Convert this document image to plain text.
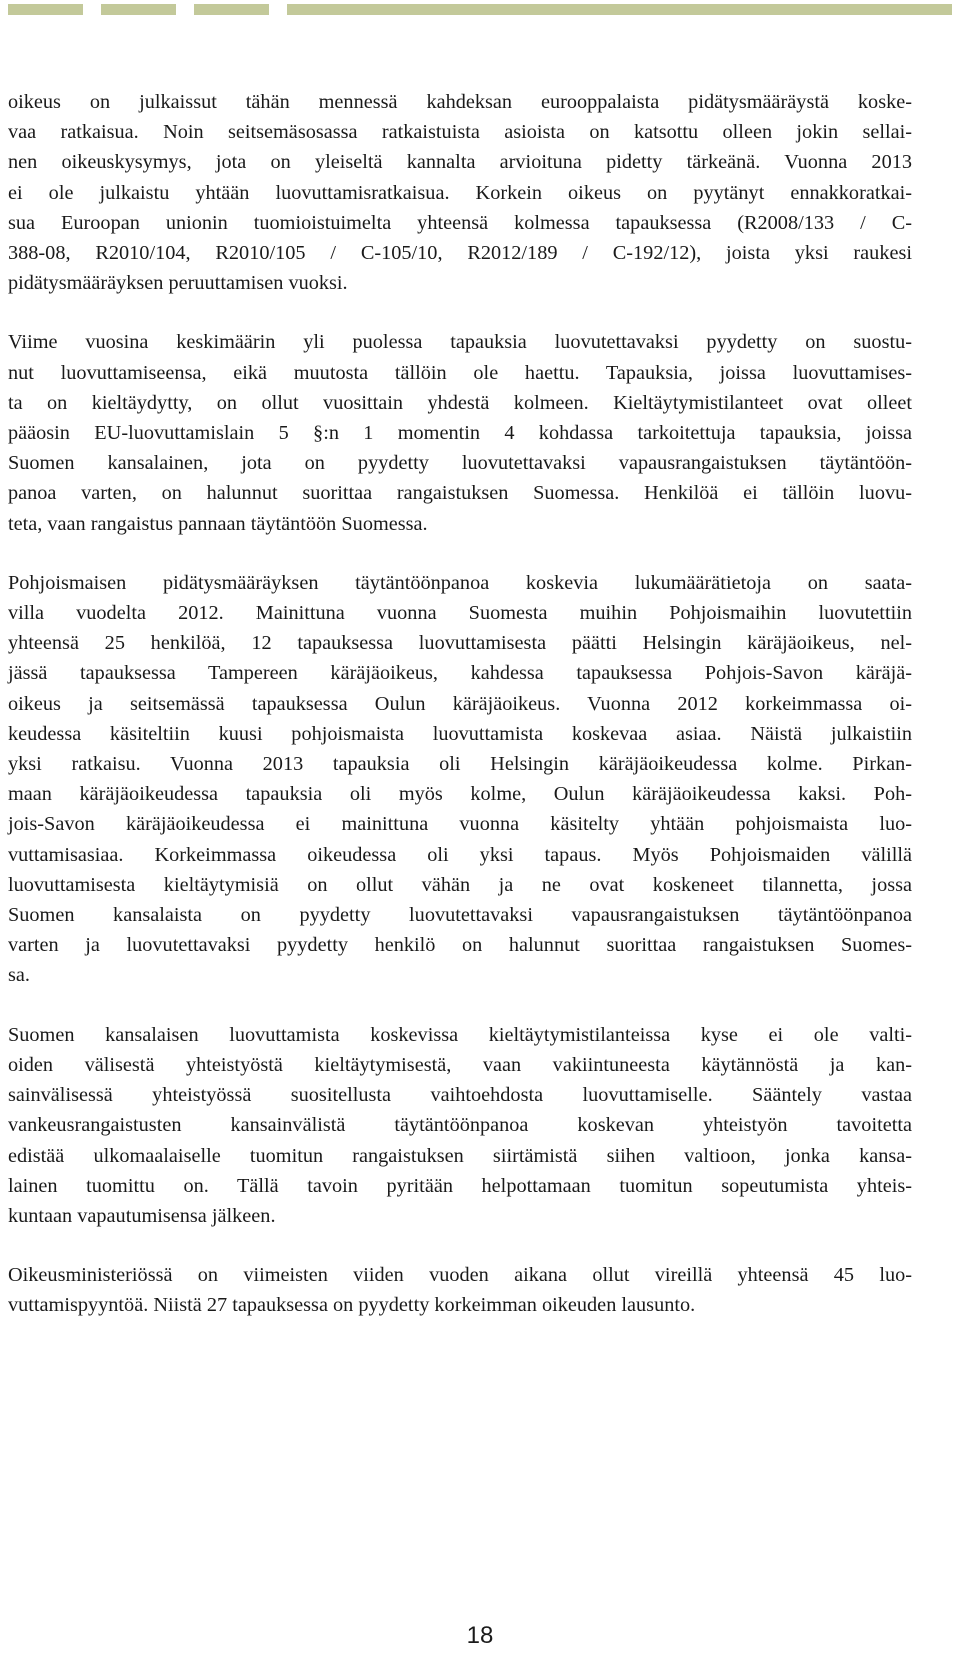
oikeus on julkaissut tähän mennessä kahdeksan eurooppalaista pidätysmääräystä koske-
vaa ratkaisua. Noin seitsemäsosassa ratkaistuista asioista on katsottu olleen jokin sellai-
nen oikeuskysymys, jota on yleiseltä kannalta arvioituna pidetty tärkeänä. Vuonna 2013
ei ole julkaistu yhtään luovuttamisratkaisua. Korkein oikeus on pyytänyt ennakkoratkai-
sua Euroopan unionin tuomioistuimelta yhteensä kolmessa tapauksessa (R2008/133 / C-
388-08, R2010/104, R2010/105 / C-105/10, R2012/189 / C-192/12), joista yksi raukesi
pidätysmääräyksen peruuttamisen vuoksi.

Viime vuosina keskimäärin yli puolessa tapauksia luovutettavaksi pyydetty on suostu-
nut luovuttamiseensa, eikä muutosta tällöin ole haettu. Tapauksia, joissa luovuttamises-
ta on kieltäydytty, on ollut vuosittain yhdestä kolmeen. Kieltäytymistilanteet ovat olleet
pääosin EU-luovuttamislain 5 §:n 1 momentin 4 kohdassa tarkoitettuja tapauksia, joissa
Suomen kansalainen, jota on pyydetty luovutettavaksi vapausrangaistuksen täytäntöön-
panoa varten, on halunnut suorittaa rangaistuksen Suomessa. Henkilöä ei tällöin luovu-
teta, vaan rangaistus pannaan täytäntöön Suomessa.

Pohjoismaisen pidätysmääräyksen täytäntöönpanoa koskevia lukumäärätietoja on saata-
villa vuodelta 2012. Mainittuna vuonna Suomesta muihin Pohjoismaihin luovutettiin
yhteensä 25 henkilöä, 12 tapauksessa luovuttamisesta päätti Helsingin käräjäoikeus, nel-
jässä tapauksessa Tampereen käräjäoikeus, kahdessa tapauksessa Pohjois-Savon käräjä-
oikeus ja seitsemässä tapauksessa Oulun käräjäoikeus. Vuonna 2012 korkeimmassa oi-
keudessa käsiteltiin kuusi pohjoismaista luovuttamista koskevaa asiaa. Näistä julkaistiin
yksi ratkaisu. Vuonna 2013 tapauksia oli Helsingin käräjäoikeudessa kolme. Pirkan-
maan käräjäoikeudessa tapauksia oli myös kolme, Oulun käräjäoikeudessa kaksi. Poh-
jois-Savon käräjäoikeudessa ei mainittuna vuonna käsitelty yhtään pohjoismaista luo-
vuttamisasiaa. Korkeimmassa oikeudessa oli yksi tapaus. Myös Pohjoismaiden välillä
luovuttamisesta kieltäytymisiä on ollut vähän ja ne ovat koskeneet tilannetta, jossa
Suomen kansalaista on pyydetty luovutettavaksi vapausrangaistuksen täytäntöönpanoa
varten ja luovutettavaksi pyydetty henkilö on halunnut suorittaa rangaistuksen Suomes-
sa.

Suomen kansalaisen luovuttamista koskevissa kieltäytymistilanteissa kyse ei ole valti-
oiden välisestä yhteistyöstä kieltäytymisestä, vaan vakiintuneesta käytännöstä ja kan-
sainvälisessä yhteistyössä suositellusta vaihtoehdosta luovuttamiselle. Sääntely vastaa
vankeusrangaistusten kansainvälistä täytäntöönpanoa koskevan yhteistyön tavoitetta
edistää ulkomaalaiselle tuomitun rangaistuksen siirtämistä siihen valtioon, jonka kansa-
lainen tuomittu on. Tällä tavoin pyritään helpottamaan tuomitun sopeutumista yhteis-
kuntaan vapautumisensa jälkeen.

Oikeusministeriössä on viimeisten viiden vuoden aikana ollut vireillä yhteensä 45 luo-
vuttamispyyntöä. Niistä 27 tapauksessa on pyydetty korkeimman oikeuden lausunto.

18
